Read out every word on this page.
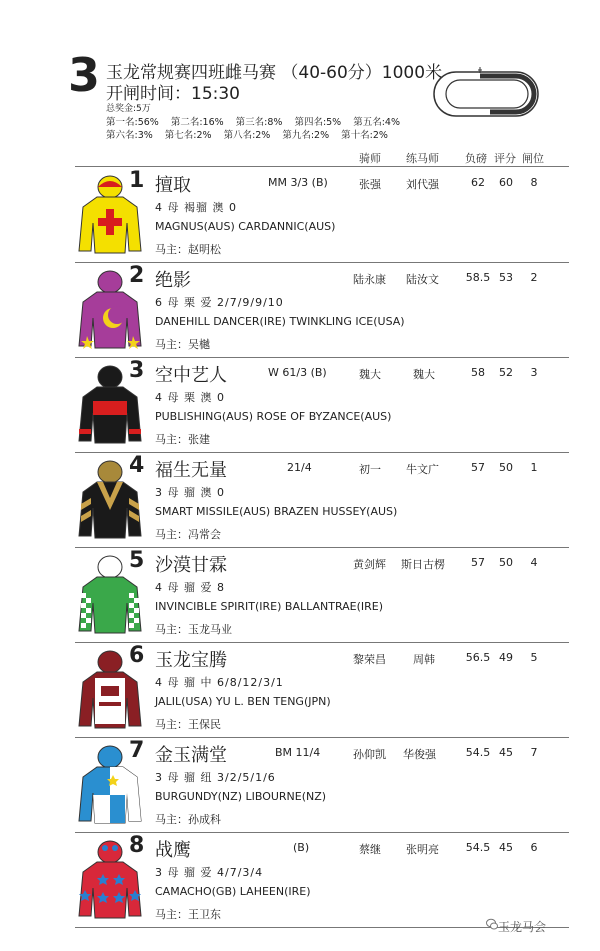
3 玉龙常规赛四班雌马赛 （40-60分）1000米
开闸时间：15:30
总奖金:5万
第一名:56% 第二名:16% 第三名:8% 第四名:5% 第五名:4%
第六名:3% 第七名:2% 第八名:2% 第九名:2% 第十名:2%
骑师 练马师 负磅 评分 闸位
1 擅取	MM 3/3 (B)	张强 刘代强	62	60	8
4 母 褐骝 澳 0
MAGNUS(AUS) CARDANNIC(AUS)
马主：赵明松
2 绝影	陆永康 陆汝文 58.5 53	2
6 母 栗 爱 2/7/9/9/10
DANEHILL DANCER(IRE) TWINKLING ICE(USA)
马主：吴樾
3 空中艺人	W 61/3 (B)	魏大	魏大	58	52	3
4 母 栗 澳 0
PUBLISHING(AUS) ROSE OF BYZANCE(AUS)
马主：张建
4 福生无量	21/4	初一 牛文广	57	50	1
3 母 骝 澳 0
SMART MISSILE(AUS) BRAZEN HUSSEY(AUS)
马主：冯常会
5 沙漠甘霖	黄剑辉 斯日古楞	57	50	4
4 母 骝 爱 8
INVINCIBLE SPIRIT(IRE) BALLANTRAE(IRE)
马主：玉龙马业
6 玉龙宝腾	黎荣昌 周韩	56.5 49	5
4 母 骝 中 6/8/12/3/1
JALIL(USA) YU L. BEN TENG(JPN)
马主：王保民
7 金玉满堂	BM 11/4	孙仰凯 华俊强	54.5 45	7
3 母 骝 纽 3/2/5/1/6
BURGUNDY(NZ) LIBOURNE(NZ)
马主：孙成科
8 战鹰	(B)	蔡继 张明亮 54.5 45	6
3 母 骝 爱 4/7/3/4
CAMACHO(GB) LAHEEN(IRE)
马主：王卫东
玉龙马会
